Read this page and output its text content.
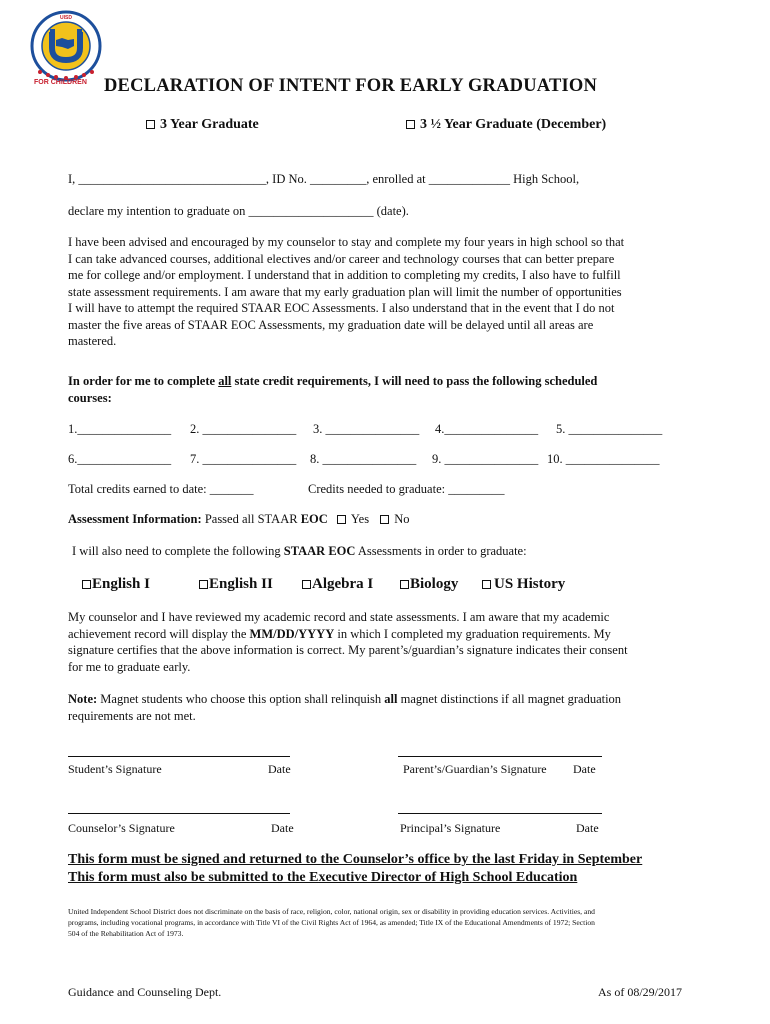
UISD
FOR CHILDREN DECLARATION OF INTENT FOR EARLY GRADUATION
3 Year Graduate	3 ½ Year Graduate (December)
I, ______________________________, ID No. _________, enrolled at _____________ High School,
declare my intention to graduate on ____________________ (date).
I have been advised and encouraged by my counselor to stay and complete my four years in high school so that
I can take advanced courses, additional electives and/or career and technology courses that can better prepare
me for college and/or employment. I understand that in addition to completing my credits, I also have to fulfill
state assessment requirements. I am aware that my early graduation plan will limit the number of opportunities
I will have to attempt the required STAAR EOC Assessments. I also understand that in the event that I do not
master the five areas of STAAR EOC Assessments, my graduation date will be delayed until all areas are
mastered.
In order for me to complete all state credit requirements, I will need to pass the following scheduled
courses:
1._______________ 2. _______________ 3. _______________ 4._______________ 5. _______________
6._______________ 7. _______________ 8. _______________ 9. _______________ 10. _______________
Total credits earned to date: _______	Credits needed to graduate: _________
Assessment Information: Passed all STAAR EOC Yes No
I will also need to complete the following STAAR EOC Assessments in order to graduate:
English I	English II	Algebra I	Biology	US History
My counselor and I have reviewed my academic record and state assessments. I am aware that my academic
achievement record will display the MM/DD/YYYY in which I completed my graduation requirements. My
signature certifies that the above information is correct. My parent’s/guardian’s signature indicates their consent
for me to graduate early.
Note: Magnet students who choose this option shall relinquish all magnet distinctions if all magnet graduation
requirements are not met.
Student’s Signature	Date	Parent’s/Guardian’s Signature Date
Counselor’s Signature	Date	Principal’s Signature	Date
This form must be signed and returned to the Counselor’s office by the last Friday in September
This form must also be submitted to the Executive Director of High School Education
United Independent School District does not discriminate on the basis of race, religion, color, national origin, sex or disability in providing education services. Activities, and
programs, including vocational programs, in accordance with Title VI of the Civil Rights Act of 1964, as amended; Title IX of the Educational Amendments of 1972; Section
504 of the Rehabilitation Act of 1973.
Guidance and Counseling Dept.	As of 08/29/2017
